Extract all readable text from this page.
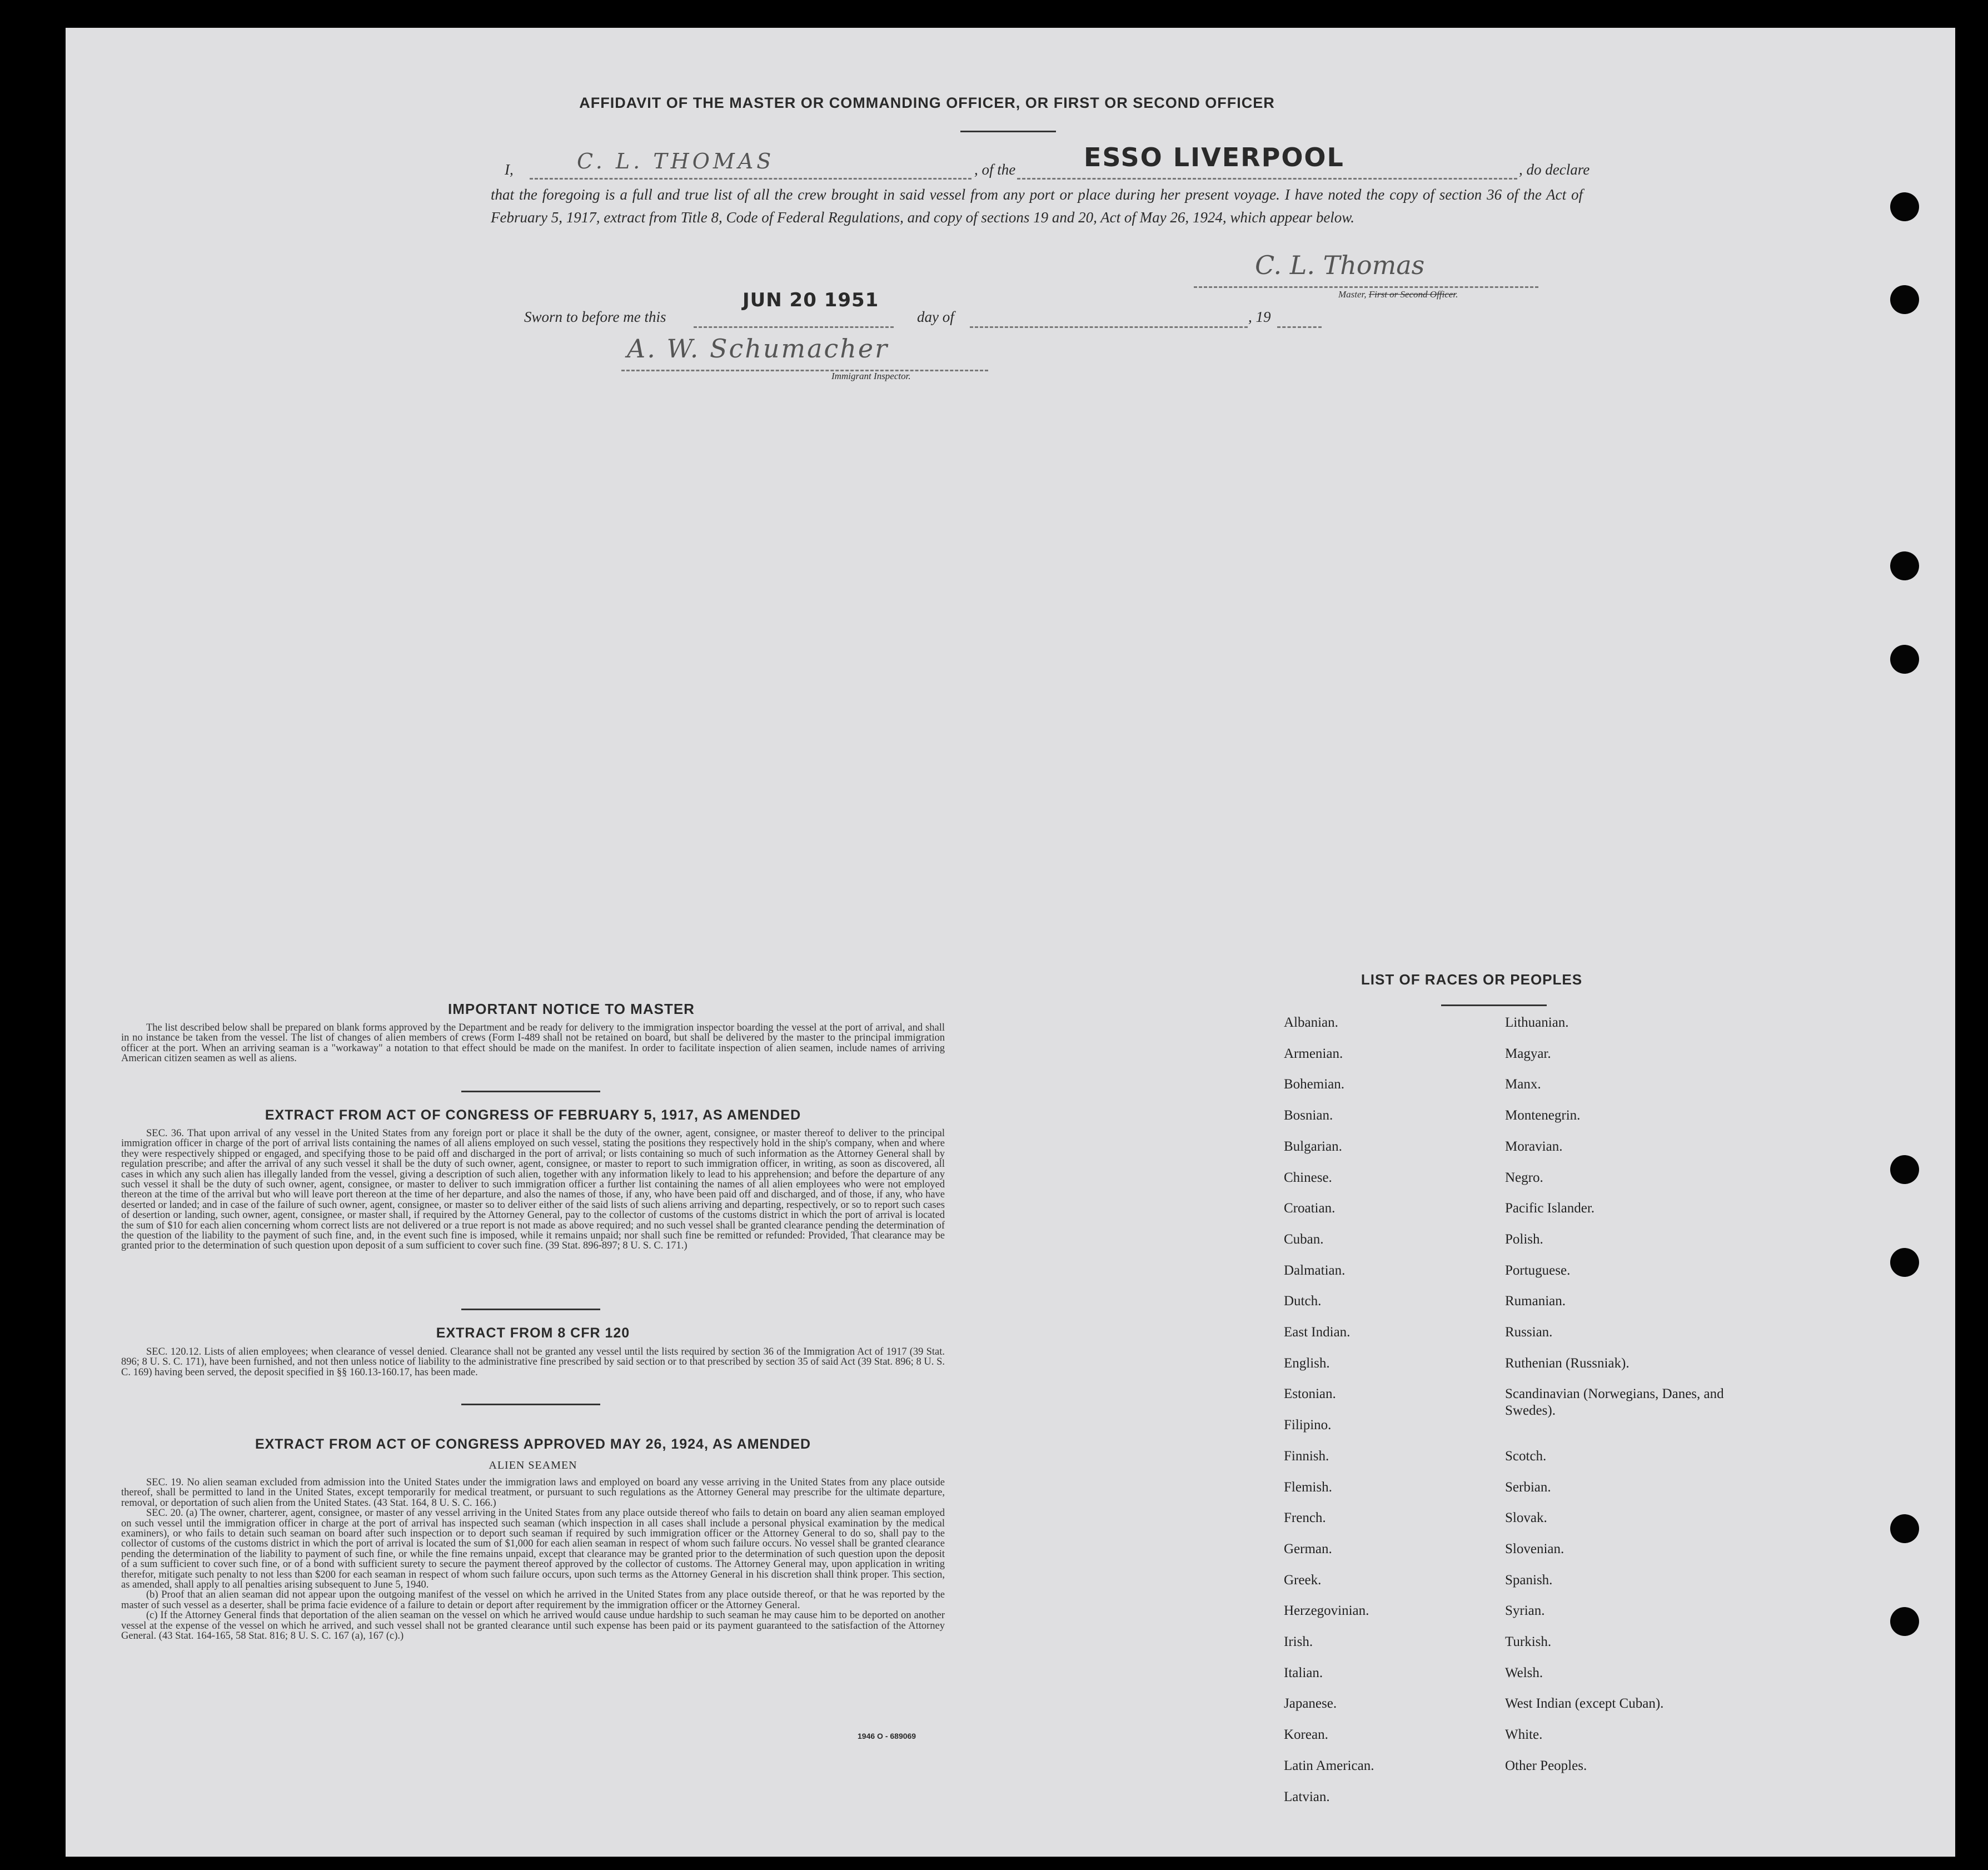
AFFIDAVIT OF THE MASTER OR COMMANDING OFFICER, OR FIRST OR SECOND OFFICER
I,	C. L. THOMAS	, of the	ESSO LIVERPOOL	, do declare
that the foregoing is a full and true list of all the crew brought in said vessel from any port or place during her present voyage. I have noted the copy of section 36 of the Act of February 5, 1917, extract from Title 8, Code of Federal Regulations, and copy of sections 19 and 20, Act of May 26, 1924, which appear below.
C. L. Thomas
Master, First or Second Officer.
Sworn to before me this
JUN 20 1951
day of	, 19
A. W. Schumacher
Immigrant Inspector.
IMPORTANT NOTICE TO MASTER

The list described below shall be prepared on blank forms approved by the Department and be ready for delivery to the immigration inspector boarding the vessel at the port of arrival, and shall in no instance be taken from the vessel. The list of changes of alien members of crews (Form I-489 shall not be retained on board, but shall be delivered by the master to the principal immigration officer at the port. When an arriving seaman is a "workaway" a notation to that effect should be made on the manifest. In order to facilitate inspection of alien seamen, include names of arriving American citizen seamen as well as aliens.

EXTRACT FROM ACT OF CONGRESS OF FEBRUARY 5, 1917, AS AMENDED

SEC. 36. That upon arrival of any vessel in the United States from any foreign port or place it shall be the duty of the owner, agent, consignee, or master thereof to deliver to the principal immigration officer in charge of the port of arrival lists containing the names of all aliens employed on such vessel, stating the positions they respectively hold in the ship's company, when and where they were respectively shipped or engaged, and specifying those to be paid off and discharged in the port of arrival; or lists containing so much of such information as the Attorney General shall by regulation prescribe; and after the arrival of any such vessel it shall be the duty of such owner, agent, consignee, or master to report to such immigration officer, in writing, as soon as discovered, all cases in which any such alien has illegally landed from the vessel, giving a description of such alien, together with any information likely to lead to his apprehension; and before the departure of any such vessel it shall be the duty of such owner, agent, consignee, or master to deliver to such immigration officer a further list containing the names of all alien employees who were not employed thereon at the time of the arrival but who will leave port thereon at the time of her departure, and also the names of those, if any, who have been paid off and discharged, and of those, if any, who have deserted or landed; and in case of the failure of such owner, agent, consignee, or master so to deliver either of the said lists of such aliens arriving and departing, respectively, or so to report such cases of desertion or landing, such owner, agent, consignee, or master shall, if required by the Attorney General, pay to the collector of customs of the customs district in which the port of arrival is located the sum of $10 for each alien concerning whom correct lists are not delivered or a true report is not made as above required; and no such vessel shall be granted clearance pending the determination of the question of the liability to the payment of such fine, and, in the event such fine is imposed, while it remains unpaid; nor shall such fine be remitted or refunded: Provided, That clearance may be granted prior to the determination of such question upon deposit of a sum sufficient to cover such fine. (39 Stat. 896-897; 8 U. S. C. 171.)

EXTRACT FROM 8 CFR 120

SEC. 120.12. Lists of alien employees; when clearance of vessel denied. Clearance shall not be granted any vessel until the lists required by section 36 of the Immigration Act of 1917 (39 Stat. 896; 8 U. S. C. 171), have been furnished, and not then unless notice of liability to the administrative fine prescribed by said section or to that prescribed by section 35 of said Act (39 Stat. 896; 8 U. S. C. 169) having been served, the deposit specified in §§ 160.13-160.17, has been made.

EXTRACT FROM ACT OF CONGRESS APPROVED MAY 26, 1924, AS AMENDED
ALIEN SEAMEN

SEC. 19. No alien seaman excluded from admission into the United States under the immigration laws and employed on board any vesse arriving in the United States from any place outside thereof, shall be permitted to land in the United States, except temporarily for medical treatment, or pursuant to such regulations as the Attorney General may prescribe for the ultimate departure, removal, or deportation of such alien from the United States. (43 Stat. 164, 8 U. S. C. 166.)

SEC. 20. (a) The owner, charterer, agent, consignee, or master of any vessel arriving in the United States from any place outside thereof who fails to detain on board any alien seaman employed on such vessel until the immigration officer in charge at the port of arrival has inspected such seaman (which inspection in all cases shall include a personal physical examination by the medical examiners), or who fails to detain such seaman on board after such inspection or to deport such seaman if required by such immigration officer or the Attorney General to do so, shall pay to the collector of customs of the customs district in which the port of arrival is located the sum of $1,000 for each alien seaman in respect of whom such failure occurs. No vessel shall be granted clearance pending the determination of the liability to payment of such fine, or while the fine remains unpaid, except that clearance may be granted prior to the determination of such question upon the deposit of a sum sufficient to cover such fine, or of a bond with sufficient surety to secure the payment thereof approved by the collector of customs. The Attorney General may, upon application in writing therefor, mitigate such penalty to not less than $200 for each seaman in respect of whom such failure occurs, upon such terms as the Attorney General in his discretion shall think proper. This section, as amended, shall apply to all penalties arising subsequent to June 5, 1940.

(b) Proof that an alien seaman did not appear upon the outgoing manifest of the vessel on which he arrived in the United States from any place outside thereof, or that he was reported by the master of such vessel as a deserter, shall be prima facie evidence of a failure to detain or deport after requirement by the immigration officer or the Attorney General.

(c) If the Attorney General finds that deportation of the alien seaman on the vessel on which he arrived would cause undue hardship to such seaman he may cause him to be deported on another vessel at the expense of the vessel on which he arrived, and such vessel shall not be granted clearance until such expense has been paid or its payment guaranteed to the satisfaction of the Attorney General. (43 Stat. 164-165, 58 Stat. 816; 8 U. S. C. 167 (a), 167 (c).)

1946 O - 689069
LIST OF RACES OR PEOPLES
Albanian.
Armenian.
Bohemian.
Bosnian.
Bulgarian.
Chinese.
Croatian.
Cuban.
Dalmatian.
Dutch.
East Indian.
English.
Estonian.
Filipino.
Finnish.
Flemish.
French.
German.
Greek.
Herzegovinian.
Irish.
Italian.
Japanese.
Korean.
Latin American.
Latvian.
Lithuanian.
Magyar.
Manx.
Montenegrin.
Moravian.
Negro.
Pacific Islander.
Polish.
Portuguese.
Rumanian.
Russian.
Ruthenian (Russniak).
Scandinavian (Norwegians, Danes, and Swedes).
Scotch.
Serbian.
Slovak.
Slovenian.
Spanish.
Syrian.
Turkish.
Welsh.
West Indian (except Cuban).
White.
Other Peoples.
